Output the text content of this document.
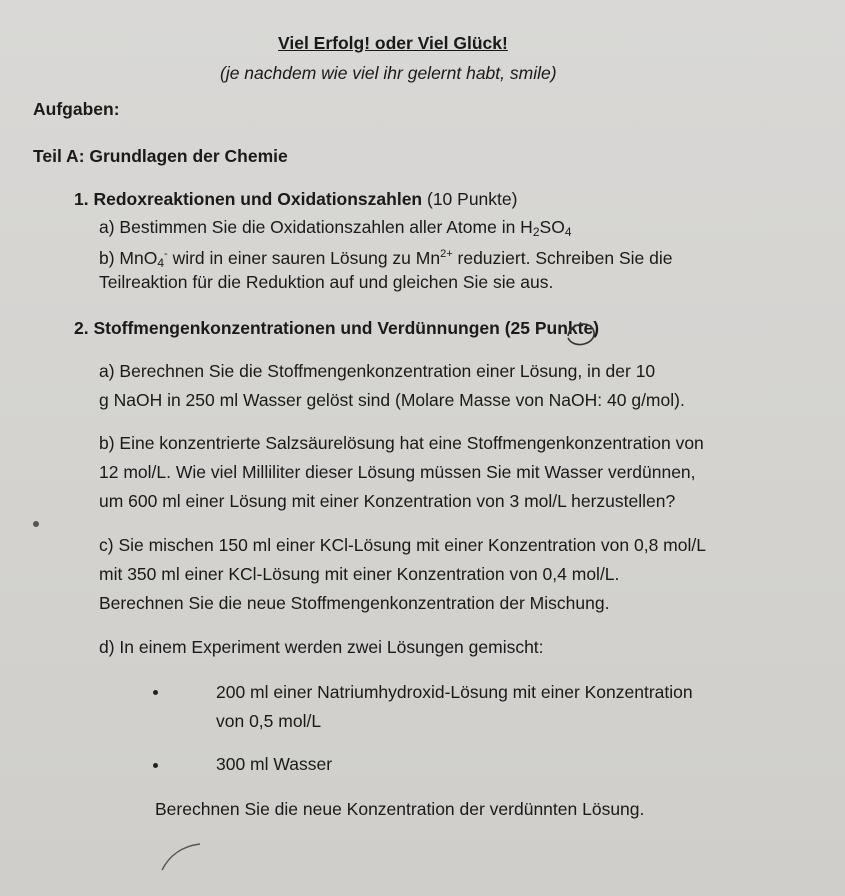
Viel Erfolg! oder Viel Glück!
(je nachdem wie viel ihr gelernt habt, smile)
Aufgaben:
Teil A: Grundlagen der Chemie
1. Redoxreaktionen und Oxidationszahlen (10 Punkte)
a) Bestimmen Sie die Oxidationszahlen aller Atome in $H_2SO_4$
b) MnO$_4$- wird in einer sauren Lösung zu $Mn^{2+}$ reduziert. Schreiben Sie die
Teilreaktion für die Reduktion auf und gleichen Sie sie aus.
2. Stoffmengenkonzentrationen und Verdünnungen (25 Punkte)
a) Berechnen Sie die Stoffmengenkonzentration einer Lösung, in der 10
g NaOH in 250 ml Wasser gelöst sind (Molare Masse von NaOH: 40 g/mol).
b) Eine konzentrierte Salzsäurelösung hat eine Stoffmengenkonzentration von
12 mol/L. Wie viel Milliliter dieser Lösung müssen Sie mit Wasser verdünnen,
um 600 ml einer Lösung mit einer Konzentration von 3 mol/L herzustellen?
c) Sie mischen 150 ml einer KCl-Lösung mit einer Konzentration von 0,8 mol/L
mit 350 ml einer KCl-Lösung mit einer Konzentration von 0,4 mol/L.
Berechnen Sie die neue Stoffmengenkonzentration der Mischung.
d) In einem Experiment werden zwei Lösungen gemischt:
200 ml einer Natriumhydroxid-Lösung mit einer Konzentration
von 0,5 mol/L
300 ml Wasser
Berechnen Sie die neue Konzentration der verdünnten Lösung.
